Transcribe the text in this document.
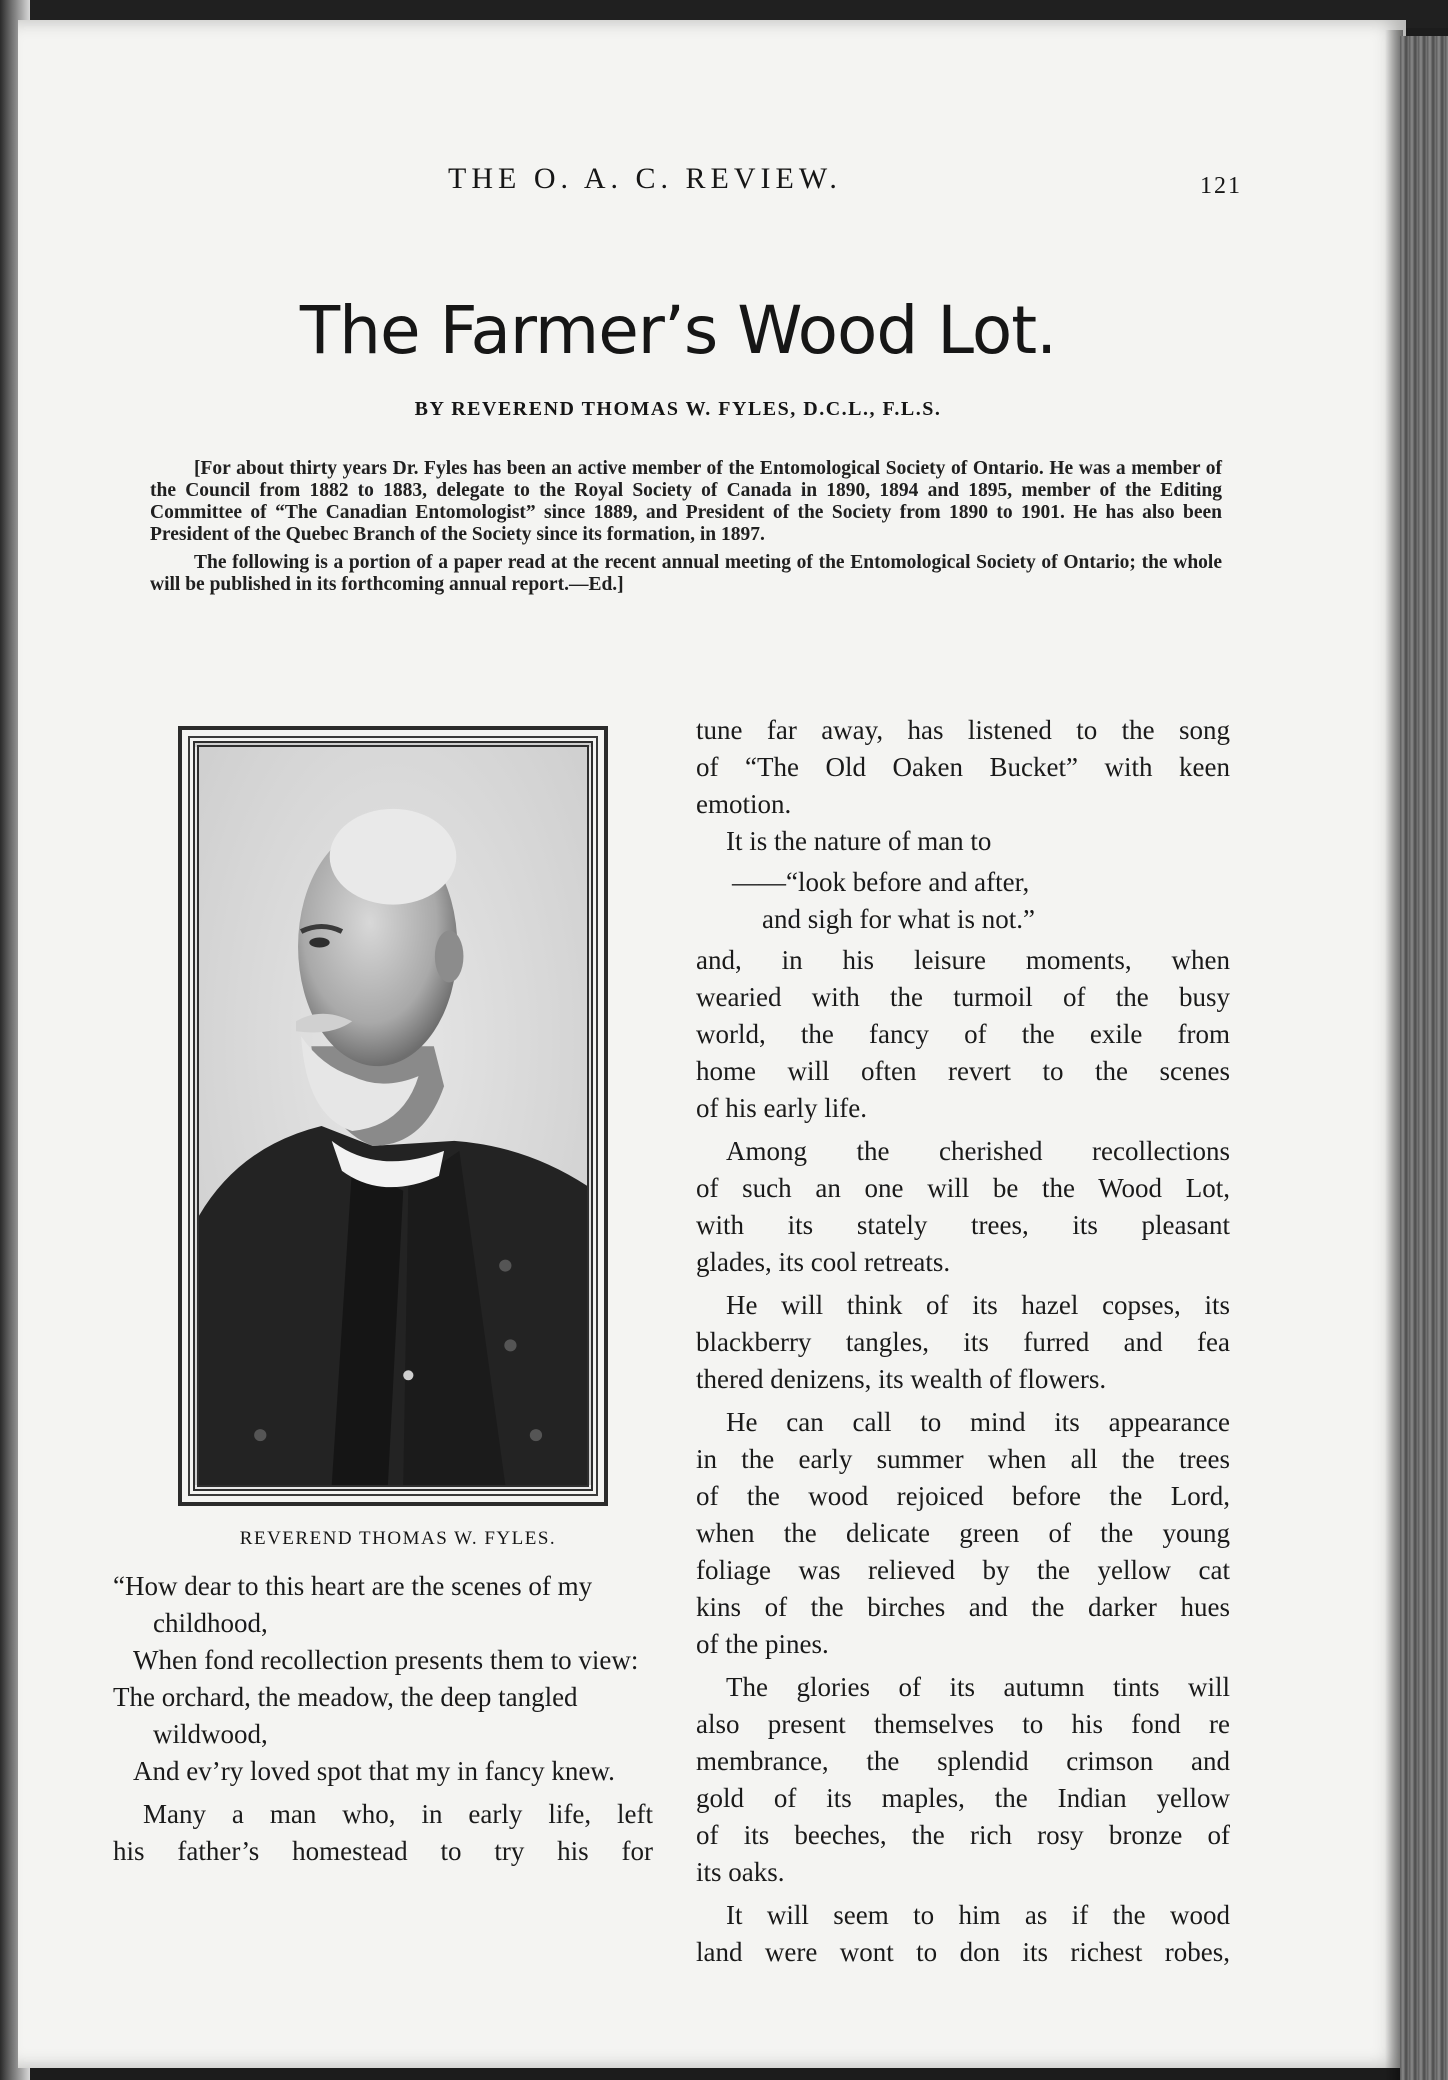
THE O. A. C. REVIEW.	121
The Farmer’s Wood Lot.
BY REVEREND THOMAS W. FYLES, D.C.L., F.L.S.

[For about thirty years Dr. Fyles has been an active member of the Entomological Society of Ontario. He was a member of the Council from 1882 to 1883, delegate to the Royal Society of Canada in 1890, 1894 and 1895, member of the Editing Committee of “The Canadian Entomologist” since 1889, and President of the Society from 1890 to 1901. He has also been President of the Quebec Branch of the Society since its formation, in 1897.

The following is a portion of a paper read at the recent annual meeting of the Entomological Society of Ontario; the whole will be published in its forthcoming annual report.—Ed.]

REVEREND THOMAS W. FYLES.

“How dear to this heart are the scenes of my childhood,

When fond recollection presents them to view:

The orchard, the meadow, the deep tangled wildwood,

And ev’ry loved spot that my in fancy knew.

Many a man who, in early life, left

his father’s homestead to try his for

tune far away, has listened to the song

of “The Old Oaken Bucket” with keen

emotion.

It is the nature of man to

——“look before and after,

and sigh for what is not.”

and, in his leisure moments, when

wearied with the turmoil of the busy

world, the fancy of the exile from

home will often revert to the scenes

of his early life.

Among the cherished recollections

of such an one will be the Wood Lot,

with its stately trees, its pleasant

glades, its cool retreats.

He will think of its hazel copses, its

blackberry tangles, its furred and fea

thered denizens, its wealth of flowers.

He can call to mind its appearance

in the early summer when all the trees

of the wood rejoiced before the Lord,

when the delicate green of the young

foliage was relieved by the yellow cat

kins of the birches and the darker hues

of the pines.

The glories of its autumn tints will

also present themselves to his fond re

membrance, the splendid crimson and

gold of its maples, the Indian yellow

of its beeches, the rich rosy bronze of

its oaks.

It will seem to him as if the wood

land were wont to don its richest robes,
